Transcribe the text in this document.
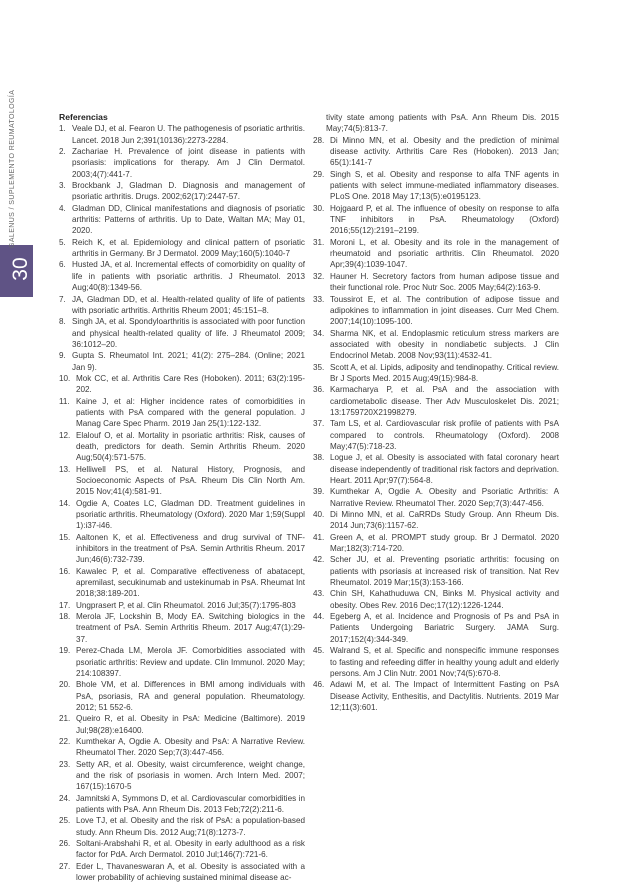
30
GALENUS / SUPLEMENTO REUMATOLOGÍA	Referencias
1. Veale DJ, et al. Fearon U. The pathogenesis of psoriatic arthritis. Lancet. 2018 Jun 2;391(10136):2273-2284.
2. Zachariae H. Prevalence of joint disease in patients with psoriasis: implications for therapy. Am J Clin Dermatol. 2003;4(7):441-7.
3. Brockbank J, Gladman D. Diagnosis and management of psoriatic arthritis. Drugs. 2002;62(17):2447-57.
4. Gladman DD, Clinical manifestations and diagnosis of psoriatic arthritis: Patterns of arthritis. Up to Date, Waltan MA; May 01, 2020.
5. Reich K, et al. Epidemiology and clinical pattern of psoriatic arthritis in Germany. Br J Dermatol. 2009 May;160(5):1040-7
6. Husted JA, et al. Incremental effects of comorbidity on quality of life in patients with psoriatic arthritis. J Rheumatol. 2013 Aug;40(8):1349-56.
7. JA, Gladman DD, et al. Health-related quality of life of patients with psoriatic arthritis. Arthritis Rheum 2001; 45:151–8.
8. Singh JA, et al. Spondyloarthritis is associated with poor function and physical health-related quality of life. J Rheumatol 2009; 36:1012–20.
9. Gupta S. Rheumatol Int. 2021; 41(2): 275–284. (Online; 2021 Jan 9).
10. Mok CC, et al. Arthritis Care Res (Hoboken). 2011; 63(2):195-202.
11. Kaine J, et al: Higher incidence rates of comorbidities in patients with PsA compared with the general population. J Manag Care Spec Pharm. 2019 Jan 25(1):122-132.
12. Elalouf O, et al. Mortality in psoriatic arthritis: Risk, causes of death, predictors for death. Semin Arthritis Rheum. 2020 Aug;50(4):571-575.
13. Helliwell PS, et al. Natural History, Prognosis, and Socioeconomic Aspects of PsA. Rheum Dis Clin North Am. 2015 Nov;41(4):581-91.
14. Ogdie A, Coates LC, Gladman DD. Treatment guidelines in psoriatic arthritis. Rheumatology (Oxford). 2020 Mar 1;59(Suppl 1):i37-i46.
15. Aaltonen K, et al. Effectiveness and drug survival of TNF-inhibitors in the treatment of PsA. Semin Arthritis Rheum. 2017 Jun;46(6):732-739.
16. Kawalec P, et al. Comparative effectiveness of abatacept, apremilast, secukinumab and ustekinumab in PsA. Rheumat Int 2018;38:189-201.
17. Ungprasert P, et al. Clin Rheumatol. 2016 Jul;35(7):1795-803
18. Merola JF, Lockshin B, Mody EA. Switching biologics in the treatment of PsA. Semin Arthritis Rheum. 2017 Aug;47(1):29-37.
19. Perez-Chada LM, Merola JF. Comorbidities associated with psoriatic arthritis: Review and update. Clin Immunol. 2020 May; 214:108397.
20. Bhole VM, et al. Differences in BMI among individuals with PsA, psoriasis, RA and general population. Rheumatology. 2012; 51 552-6.
21. Queiro R, et al. Obesity in PsA: Medicine (Baltimore). 2019 Jul;98(28):e16400.
22. Kumthekar A, Ogdie A. Obesity and PsA: A Narrative Review. Rheumatol Ther. 2020 Sep;7(3):447-456.
23. Setty AR, et al. Obesity, waist circumference, weight change, and the risk of psoriasis in women. Arch Intern Med. 2007; 167(15):1670-5
24. Jamnitski A, Symmons D, et al. Cardiovascular comorbidities in patients with PsA. Ann Rheum Dis. 2013 Feb;72(2):211-6.
25. Love TJ, et al. Obesity and the risk of PsA: a population-based study. Ann Rheum Dis. 2012 Aug;71(8):1273-7.
26. Soltani-Arabshahi R, et al. Obesity in early adulthood as a risk factor for PdA. Arch Dermatol. 2010 Jul;146(7):721-6.
27. Eder L, Thavaneswaran A, et al. Obesity is associated with a lower probability of achieving sustained minimal disease ac-
tivity state among patients with PsA. Ann Rheum Dis. 2015 May;74(5):813-7.
28. Di Minno MN, et al. Obesity and the prediction of minimal disease activity. Arthritis Care Res (Hoboken). 2013 Jan; 65(1):141-7
29. Singh S, et al. Obesity and response to alfa TNF agents in patients with select immune-mediated inflammatory diseases. PLoS One. 2018 May 17;13(5):e0195123.
30. Hojgaard P, et al. The influence of obesity on response to alfa TNF inhibitors in PsA. Rheumatology (Oxford) 2016;55(12):2191–2199.
31. Moroni L, et al. Obesity and its role in the management of rheumatoid and psoriatic arthritis. Clin Rheumatol. 2020 Apr;39(4):1039-1047.
32. Hauner H. Secretory factors from human adipose tissue and their functional role. Proc Nutr Soc. 2005 May;64(2):163-9.
33. Toussirot E, et al. The contribution of adipose tissue and adipokines to inflammation in joint diseases. Curr Med Chem. 2007;14(10):1095-100.
34. Sharma NK, et al. Endoplasmic reticulum stress markers are associated with obesity in nondiabetic subjects. J Clin Endocrinol Metab. 2008 Nov;93(11):4532-41.
35. Scott A, et al. Lipids, adiposity and tendinopathy. Critical review. Br J Sports Med. 2015 Aug;49(15):984-8.
36. Karmacharya P, et al. PsA and the association with cardiometabolic disease. Ther Adv Musculoskelet Dis. 2021; 13:1759720X21998279.
37. Tam LS, et al. Cardiovascular risk profile of patients with PsA compared to controls. Rheumatology (Oxford). 2008 May;47(5):718-23.
38. Logue J, et al. Obesity is associated with fatal coronary heart disease independently of traditional risk factors and deprivation. Heart. 2011 Apr;97(7):564-8.
39. Kumthekar A, Ogdie A. Obesity and Psoriatic Arthritis: A Narrative Review. Rheumatol Ther. 2020 Sep;7(3):447-456.
40. Di Minno MN, et al. CaRRDs Study Group. Ann Rheum Dis. 2014 Jun;73(6):1157-62.
41. Green A, et al. PROMPT study group. Br J Dermatol. 2020 Mar;182(3):714-720.
42. Scher JU, et al. Preventing psoriatic arthritis: focusing on patients with psoriasis at increased risk of transition. Nat Rev Rheumatol. 2019 Mar;15(3):153-166.
43. Chin SH, Kahathuduwa CN, Binks M. Physical activity and obesity. Obes Rev. 2016 Dec;17(12):1226-1244.
44. Egeberg A, et al. Incidence and Prognosis of Ps and PsA in Patients Undergoing Bariatric Surgery. JAMA Surg. 2017;152(4):344-349.
45. Walrand S, et al. Specific and nonspecific immune responses to fasting and refeeding differ in healthy young adult and elderly persons. Am J Clin Nutr. 2001 Nov;74(5):670-8.
46. Adawi M, et al. The Impact of Intermittent Fasting on PsA Disease Activity, Enthesitis, and Dactylitis. Nutrients. 2019 Mar 12;11(3):601.
